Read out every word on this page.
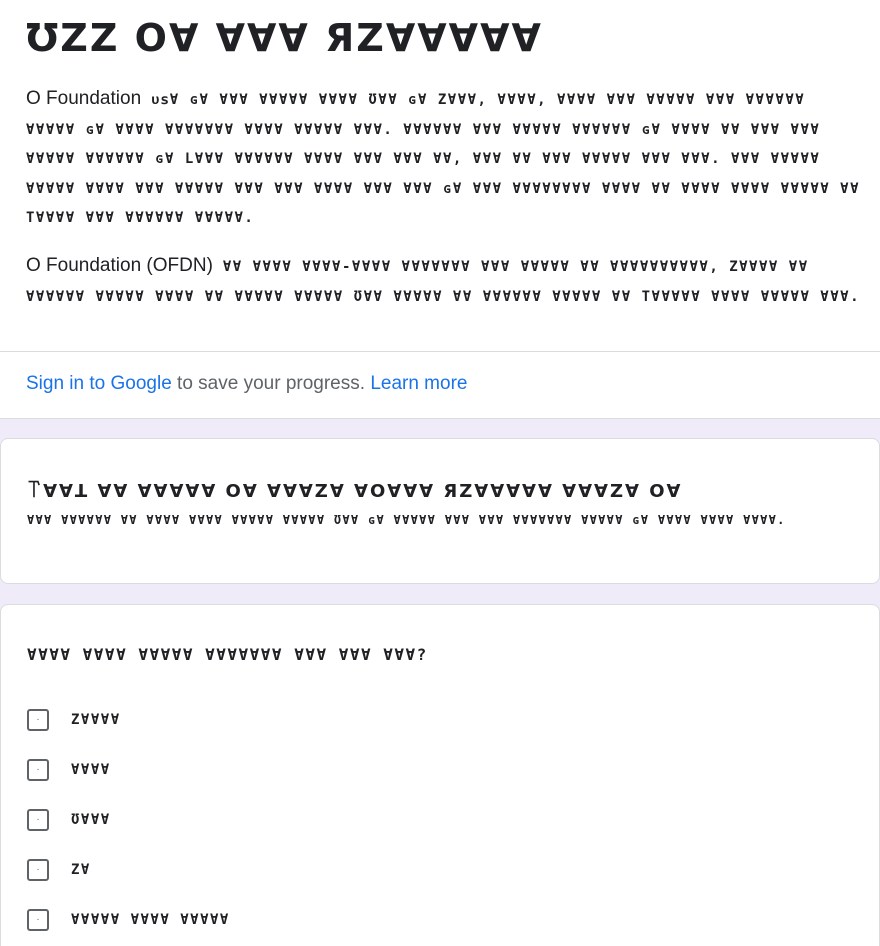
ƱZZ ΟⱯ ⱯⱯⱯ ЯZⱯⱯⱯⱯⱯ
O Foundation ᴜꜱⱯ ɢⱯ ⱯⱯⱯ ⱯⱯⱯⱯⱯ ⱯⱯⱯⱯ ƱⱯⱯ ɢⱯ ZⱯⱯⱯ, ⱯⱯⱯⱯ, ⱯⱯⱯⱯ ⱯⱯⱯ ⱯⱯⱯⱯⱯ ⱯⱯⱯ ⱯⱯⱯⱯⱯⱯ ⱯⱯⱯⱯⱯ ɢⱯ ⱯⱯⱯⱯ ⱯⱯⱯⱯⱯⱯⱯ ⱯⱯⱯⱯ ⱯⱯⱯⱯⱯ ⱯⱯⱯ. ⱯⱯⱯⱯⱯⱯ ⱯⱯⱯ ⱯⱯⱯⱯⱯ ⱯⱯⱯⱯⱯⱯ ɢⱯ ⱯⱯⱯⱯ ⱯⱯ ⱯⱯⱯ ⱯⱯⱯ ⱯⱯⱯⱯⱯ ⱯⱯⱯⱯⱯⱯ ɢⱯ LⱯⱯⱯ ⱯⱯⱯⱯⱯⱯ ⱯⱯⱯⱯ ⱯⱯⱯ ⱯⱯⱯ ⱯⱯ, ⱯⱯⱯ ⱯⱯ ⱯⱯⱯ ⱯⱯⱯⱯⱯ ⱯⱯⱯ ⱯⱯⱯ. ⱯⱯⱯ ⱯⱯⱯⱯⱯ ⱯⱯⱯⱯⱯ ⱯⱯⱯⱯ ⱯⱯⱯ ⱯⱯⱯⱯⱯ ⱯⱯⱯ ⱯⱯⱯ ⱯⱯⱯⱯ ⱯⱯⱯ ⱯⱯⱯ ɢⱯ ⱯⱯⱯ ⱯⱯⱯⱯⱯⱯⱯⱯ ⱯⱯⱯⱯ ⱯⱯ ⱯⱯⱯⱯ ⱯⱯⱯⱯ ⱯⱯⱯⱯⱯ ⱯⱯ TⱯⱯⱯⱯ ⱯⱯⱯ ⱯⱯⱯⱯⱯⱯ ⱯⱯⱯⱯⱯ.
O Foundation (OFDN) ⱯⱯ ⱯⱯⱯⱯ ⱯⱯⱯⱯ-ⱯⱯⱯⱯ ⱯⱯⱯⱯⱯⱯⱯ ⱯⱯⱯ ⱯⱯⱯⱯⱯ ⱯⱯ ⱯⱯⱯⱯⱯⱯⱯⱯⱯⱯ, ZⱯⱯⱯⱯ ⱯⱯ ⱯⱯⱯⱯⱯⱯ ⱯⱯⱯⱯⱯ ⱯⱯⱯⱯ ⱯⱯ ⱯⱯⱯⱯⱯ ⱯⱯⱯⱯⱯ ƱⱯⱯ ⱯⱯⱯⱯⱯ ⱯⱯ ⱯⱯⱯⱯⱯⱯ ⱯⱯⱯⱯⱯ ⱯⱯ TⱯⱯⱯⱯⱯ ⱯⱯⱯⱯ ⱯⱯⱯⱯⱯ ⱯⱯⱯ.
Sign in to Google to save your progress. Learn more
꓅ⱯⱯꓕ ⱯⱯ ⱯⱯⱯⱯⱯ ΟⱯ ⱯⱯⱯZⱯ ⱯΟⱯⱯⱯ ЯZⱯⱯⱯⱯⱯ ⱯⱯⱯZⱯ ΟⱯ
ⱯⱯⱯ ⱯⱯⱯⱯⱯⱯ ⱯⱯ ⱯⱯⱯⱯ ⱯⱯⱯⱯ ⱯⱯⱯⱯⱯ ⱯⱯⱯⱯⱯ ƱⱯⱯ ɢⱯ ⱯⱯⱯⱯⱯ ⱯⱯⱯ ⱯⱯⱯ ⱯⱯⱯⱯⱯⱯⱯ ⱯⱯⱯⱯⱯ ɢⱯ ⱯⱯⱯⱯ ⱯⱯⱯⱯ ⱯⱯⱯⱯ.
ⱯⱯⱯⱯ ⱯⱯⱯⱯ ⱯⱯⱯⱯⱯ ⱯⱯⱯⱯⱯⱯⱯ ⱯⱯⱯ ⱯⱯⱯ ⱯⱯⱯ?
·	ZⱯⱯⱯⱯ
·	ⱯⱯⱯⱯ
·	ƱⱯⱯⱯ
·	ZⱯ
·	ⱯⱯⱯⱯⱯ ⱯⱯⱯⱯ ⱯⱯⱯⱯⱯ
